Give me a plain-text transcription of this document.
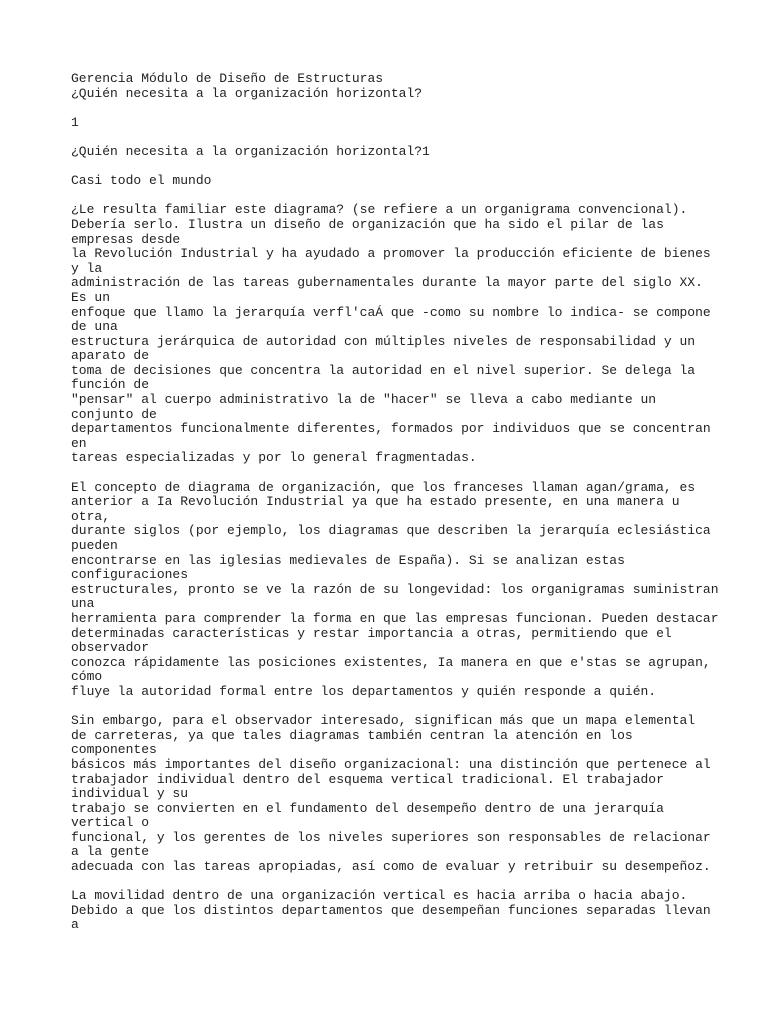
Gerencia Módulo de Diseño de Estructuras
¿Quién necesita a la organización horizontal?
1
¿Quién necesita a la organización horizontal?1
Casi todo el mundo
¿Le resulta familiar este diagrama? (se refiere a un organigrama convencional).
Debería serlo. Ilustra un diseño de organización que ha sido el pilar de las
empresas desde
la Revolución Industrial y ha ayudado a promover la producción eficiente de bienes
y la
administración de las tareas gubernamentales durante la mayor parte del siglo XX.
Es un
enfoque que llamo la jerarquía verfl'caÁ que -como su nombre lo indica- se compone
de una
estructura jerárquica de autoridad con múltiples niveles de responsabilidad y un
aparato de
toma de decisiones que concentra la autoridad en el nivel superior. Se delega la
función de
"pensar" al cuerpo administrativo la de "hacer" se lleva a cabo mediante un
conjunto de
departamentos funcionalmente diferentes, formados por individuos que se concentran
en
tareas especializadas y por lo general fragmentadas.
El concepto de diagrama de organización, que los franceses llaman agan/grama, es
anterior a Ia Revolución Industrial ya que ha estado presente, en una manera u
otra,
durante siglos (por ejemplo, los diagramas que describen la jerarquía eclesiástica
pueden
encontrarse en las iglesias medievales de España). Si se analizan estas
configuraciones
estructurales, pronto se ve la razón de su longevidad: los organigramas suministran
una
herramienta para comprender la forma en que las empresas funcionan. Pueden destacar
determinadas características y restar importancia a otras, permitiendo que el
observador
conozca rápidamente las posiciones existentes, Ia manera en que e'stas se agrupan,
cómo
fluye la autoridad formal entre los departamentos y quién responde a quién.
Sin embargo, para el observador interesado, significan más que un mapa elemental
de carreteras, ya que tales diagramas también centran la atención en los
componentes
básicos más importantes del diseño organizacional: una distinción que pertenece al
trabajador individual dentro del esquema vertical tradicional. El trabajador
individual y su
trabajo se convierten en el fundamento del desempeño dentro de una jerarquía
vertical o
funcional, y los gerentes de los niveles superiores son responsables de relacionar
a la gente
adecuada con las tareas apropiadas, así como de evaluar y retribuir su desempeñoz.
La movilidad dentro de una organización vertical es hacia arriba o hacia abajo.
Debido a que los distintos departamentos que desempeñan funciones separadas llevan
a
